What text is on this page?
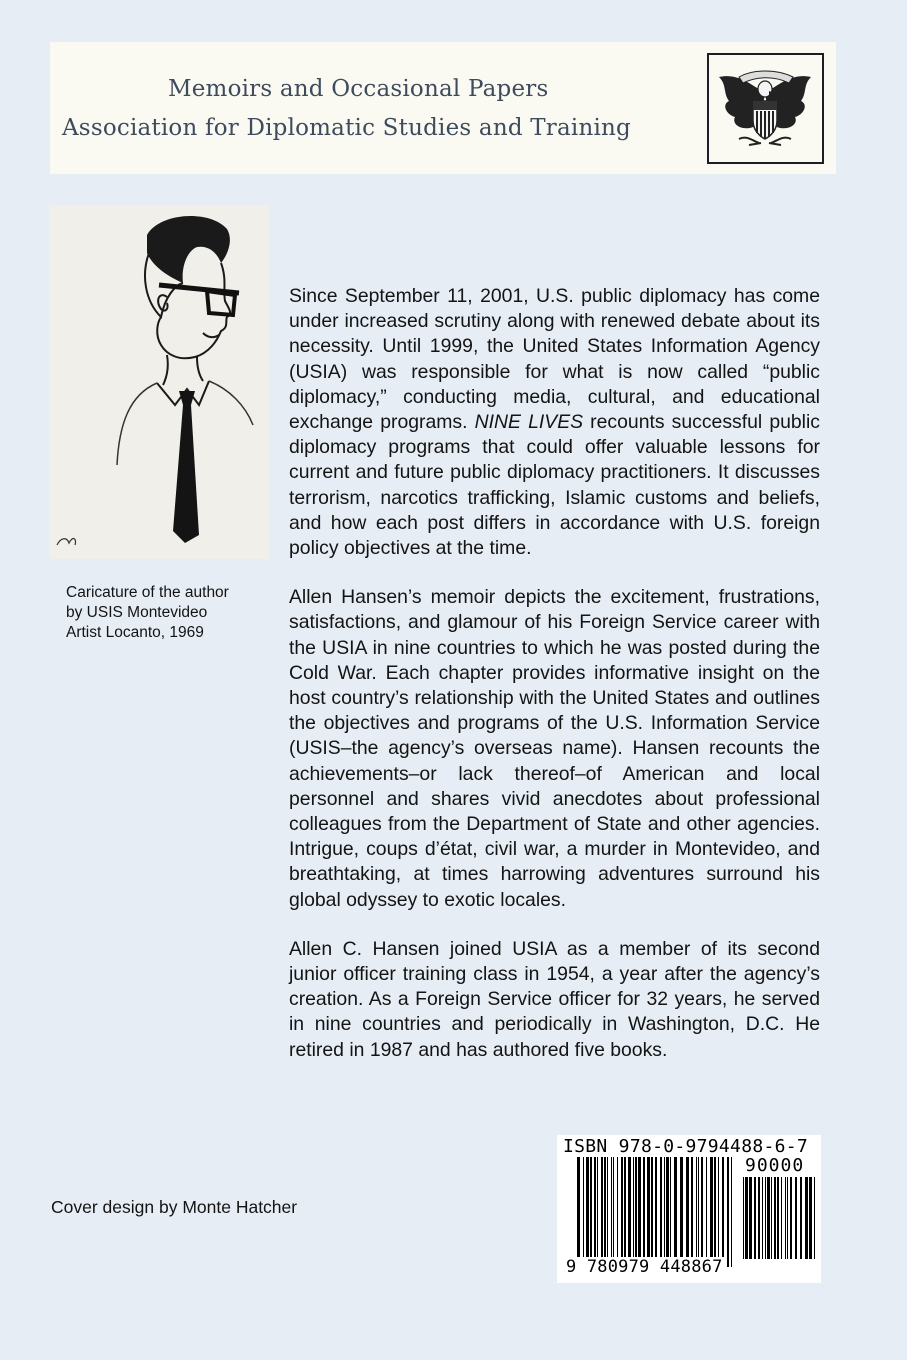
Memoirs and Occasional Papers
Association for Diplomatic Studies and Training
Caricature of the author
by USIS Montevideo
Artist Locanto, 1969

Since September 11, 2001, U.S. public diplomacy has come under increased scrutiny along with renewed debate about its necessity. Until 1999, the United States Information Agency (USIA) was responsible for what is now called “public diplomacy,” conducting media, cultural, and educational exchange programs. NINE LIVES recounts successful public diplomacy programs that could offer valuable lessons for current and future public diplomacy practitioners. It discusses terrorism, narcotics trafficking, Islamic customs and beliefs, and how each post differs in accordance with U.S. foreign policy objectives at the time.

Allen Hansen’s memoir depicts the excitement, frustrations, satisfactions, and glamour of his Foreign Service career with the USIA in nine countries to which he was posted during the Cold War. Each chapter provides informative insight on the host country’s relationship with the United States and outlines the objectives and programs of the U.S. Information Service (USIS–the agency’s overseas name). Hansen recounts the achievements–or lack thereof–of American and local personnel and shares vivid anecdotes about professional colleagues from the Department of State and other agencies. Intrigue, coups d’état, civil war, a murder in Montevideo, and breathtaking, at times harrowing adventures surround his global odyssey to exotic locales.

Allen C. Hansen joined USIA as a member of its second junior officer training class in 1954, a year after the agency’s creation. As a Foreign Service officer for 32 years, he served in nine countries and periodically in Washington, D.C. He retired in 1987 and has authored five books.

Cover design by Monte Hatcher
ISBN 978-0-9794488-6-7
90000
9 780979 448867
